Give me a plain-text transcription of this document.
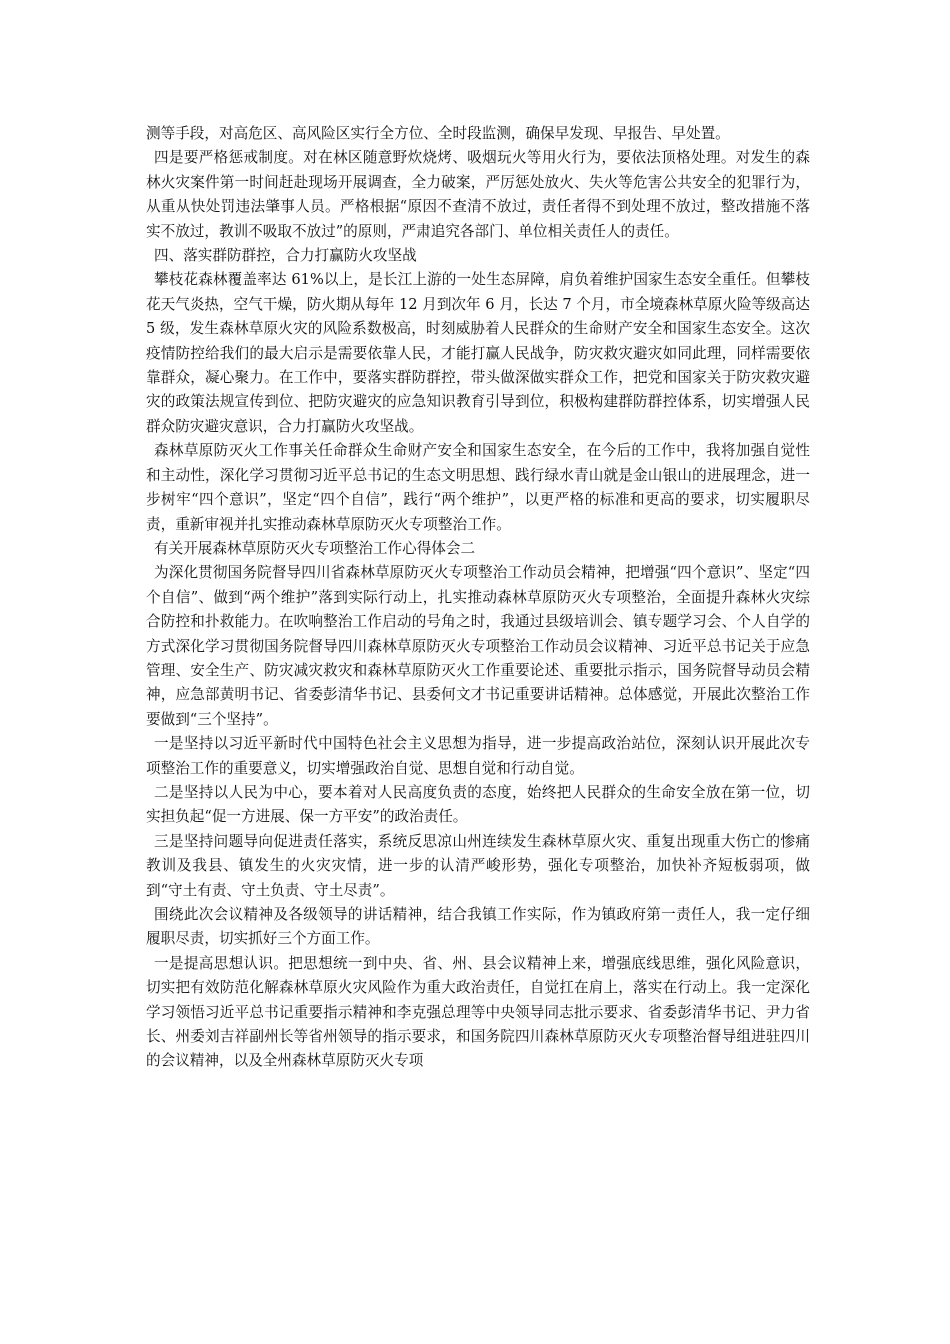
测等手段，对高危区、高风险区实行全方位、全时段监测，确保早发现、早报告、早处置。

四是要严格惩戒制度。对在林区随意野炊烧烤、吸烟玩火等用火行为，要依法顶格处理。对发生的森林火灾案件第一时间赶赴现场开展调查，全力破案，严厉惩处放火、失火等危害公共安全的犯罪行为，从重从快处罚违法肇事人员。严格根据“原因不查清不放过，责任者得不到处理不放过，整改措施不落实不放过，教训不吸取不放过”的原则，严肃追究各部门、单位相关责任人的责任。

四、落实群防群控，合力打赢防火攻坚战

攀枝花森林覆盖率达 61%以上，是长江上游的一处生态屏障，肩负着维护国家生态安全重任。但攀枝花天气炎热，空气干燥，防火期从每年 12 月到次年 6 月，长达 7 个月，市全境森林草原火险等级高达 5 级，发生森林草原火灾的风险系数极高，时刻威胁着人民群众的生命财产安全和国家生态安全。这次疫情防控给我们的最大启示是需要依靠人民，才能打赢人民战争，防灾救灾避灾如同此理，同样需要依靠群众，凝心聚力。在工作中，要落实群防群控，带头做深做实群众工作，把党和国家关于防灾救灾避灾的政策法规宣传到位、把防灾避灾的应急知识教育引导到位，积极构建群防群控体系，切实增强人民群众防灾避灾意识，合力打赢防火攻坚战。

森林草原防灭火工作事关任命群众生命财产安全和国家生态安全，在今后的工作中，我将加强自觉性和主动性，深化学习贯彻习近平总书记的生态文明思想、践行绿水青山就是金山银山的进展理念，进一步树牢“四个意识”，坚定“四个自信”，践行“两个维护”，以更严格的标准和更高的要求，切实履职尽责，重新审视并扎实推动森林草原防灭火专项整治工作。

有关开展森林草原防灭火专项整治工作心得体会二

为深化贯彻国务院督导四川省森林草原防灭火专项整治工作动员会精神，把增强“四个意识”、坚定“四个自信”、做到“两个维护”落到实际行动上，扎实推动森林草原防灭火专项整治，全面提升森林火灾综合防控和扑救能力。在吹响整治工作启动的号角之时，我通过县级培训会、镇专题学习会、个人自学的方式深化学习贯彻国务院督导四川森林草原防灭火专项整治工作动员会议精神、习近平总书记关于应急管理、安全生产、防灾减灾救灾和森林草原防灭火工作重要论述、重要批示指示，国务院督导动员会精神，应急部黄明书记、省委彭清华书记、县委何文才书记重要讲话精神。总体感觉，开展此次整治工作要做到“三个坚持”。

一是坚持以习近平新时代中国特色社会主义思想为指导，进一步提高政治站位，深刻认识开展此次专项整治工作的重要意义，切实增强政治自觉、思想自觉和行动自觉。

二是坚持以人民为中心，要本着对人民高度负责的态度，始终把人民群众的生命安全放在第一位，切实担负起“促一方进展、保一方平安”的政治责任。

三是坚持问题导向促进责任落实，系统反思凉山州连续发生森林草原火灾、重复出现重大伤亡的惨痛教训及我县、镇发生的火灾灾情，进一步的认清严峻形势，强化专项整治，加快补齐短板弱项，做到“守土有责、守土负责、守土尽责”。

围绕此次会议精神及各级领导的讲话精神，结合我镇工作实际，作为镇政府第一责任人，我一定仔细履职尽责，切实抓好三个方面工作。

一是提高思想认识。把思想统一到中央、省、州、县会议精神上来，增强底线思维，强化风险意识，切实把有效防范化解森林草原火灾风险作为重大政治责任，自觉扛在肩上，落实在行动上。我一定深化学习领悟习近平总书记重要指示精神和李克强总理等中央领导同志批示要求、省委彭清华书记、尹力省长、州委刘吉祥副州长等省州领导的指示要求，和国务院四川森林草原防灭火专项整治督导组进驻四川的会议精神，以及全州森林草原防灭火专项
